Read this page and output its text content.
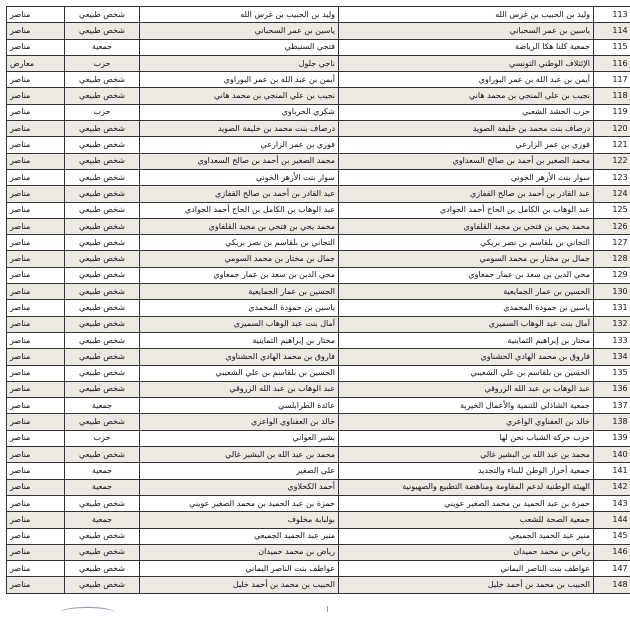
113	وليد بن الحبيب بن غرس الله	وليد بن الحبيب بن غرس الله	شخص طبيعي	مناصر
114	ياسين بن عمر السحباني	ياسين بن عمر السحباني	شخص طبيعي	مناصر
115	جمعية كلنا هكا الرياضة	فتحي السنيطي	جمعية	مناصر
116	الإئتلاف الوطني التونسي	ناجي جلول	حزب	معارض
117	أيمن بن عبد الله بن عمر البوراوي	أيمن بن عبد الله بن عمر البوراوي	شخص طبيعي	مناصر
118	نجيب بن علي المنجي بن محمد هاني	نجيب بن علي المنجي بن محمد هاني	شخص طبيعي	مناصر
119	حزب الحشد الشعبي	شكري الحرباوي	حزب	مناصر
120	درصاف بنت محمد بن خليفة الصويد	درصاف بنت محمد بن خليفة الصويد	شخص طبيعي	مناصر
121	فوزي بن عمر الزارعي	فوزي بن عمر الزارعي	شخص طبيعي	مناصر
122	محمد الصغير بن أحمد بن صالح السعداوي	محمد الصغير بن أحمد بن صالح السعداوي	شخص طبيعي	مناصر
123	سوار بنت الأزهر الخوني	سوار بنت الأزهر الخوني	شخص طبيعي	مناصر
124	عبد القادر بن أحمد بن صالح القفازي	عبد القادر بن أحمد بن صالح القفازي	شخص طبيعي	مناصر
125	عبد الوهاب بن الكامل بن الحاج أحمد الجوادي	عبد الوهاب بن الكامل بن الحاج أحمد الجوادي	شخص طبيعي	مناصر
126	محمد يحي بن فتحي بن مجيد القلفاوي	محمد يحي بن فتحي بن مجيد القلفاوي	شخص طبيعي	مناصر
127	التجاني بن بلقاسم بن نصر بريكي	التجاني بن بلقاسم بن نصر بريكي	شخص طبيعي	مناصر
128	جمال بن مختار بن محمد السومي	جمال بن مختار بن محمد السومي	شخص طبيعي	مناصر
129	محي الدين بن سعد بن عمار جمعاوي	محي الدين بن سعد بن عمار جمعاوي	شخص طبيعي	مناصر
130	الحسين بن عمار الجمايعية	الحسين بن عمار الجمايعية	شخص طبيعي	مناصر
131	ياسين بن حمودة المحمدي	ياسين بن حمودة المحمدي	شخص طبيعي	مناصر
132	آمال بنت عبد الوهاب السميري	آمال بنت عبد الوهاب السميري	شخص طبيعي	مناصر
133	مختار بن إبراهيم الثماينية	مختار بن إبراهيم الثماينية	شخص طبيعي	مناصر
134	فاروق بن محمد الهادي الحشناوي	فاروق بن محمد الهادي الحشناوي	شخص طبيعي	مناصر
135	الحسين بن بلقاسم بن علي الشعيبي	الحسين بن بلقاسم بن علي الشعيبي	شخص طبيعي	مناصر
136	عبد الوهاب بن عبد الله الزروقي	عبد الوهاب بن عبد الله الزروقي	شخص طبيعي	مناصر
137	جمعية الشاذلي للتنمية والأعمال الخيرية	عائدة الطرابلسي	جمعية	مناصر
138	خالد بن العفناوي الواعري	خالد بن العفناوي الواعري	شخص طبيعي	مناصر
139	حزب حركة الشباب نحن لها	بشير العواني	حزب	مناصر
140	محمد بن عبد الله بن البشير غالي	محمد بن عبد الله بن البشير غالي	شخص طبيعي	مناصر
141	جمعية أحرار الوطن للبناء والتجديد	علي الصغير	جمعية	مناصر
142	الهيئة الوطنية لدعم المقاومة ومناهضة التطبيع والصهيونية	أحمد الكحلاوي	جمعية	مناصر
143	حمزة بن عبد الحميد بن محمد الصغير عويني	حمزة بن عبد الحميد بن محمد الصغير عويني	شخص طبيعي	مناصر
144	جمعية الصحة للشعب	بولبابة مخلوف	جمعية	مناصر
145	منير عبد الحميد الجميعي	منير عبد الحميد الجميعي	شخص طبيعي	مناصر
146	رياض بن محمد حميدان	رياض بن محمد حميدان	شخص طبيعي	مناصر
147	عواطف بنت الناصر اليماني	عواطف بنت الناصر اليماني	شخص طبيعي	مناصر
148	الحبيب بن محمد بن أحمد خليل	الحبيب بن محمد بن أحمد خليل	شخص طبيعي	مناصر
